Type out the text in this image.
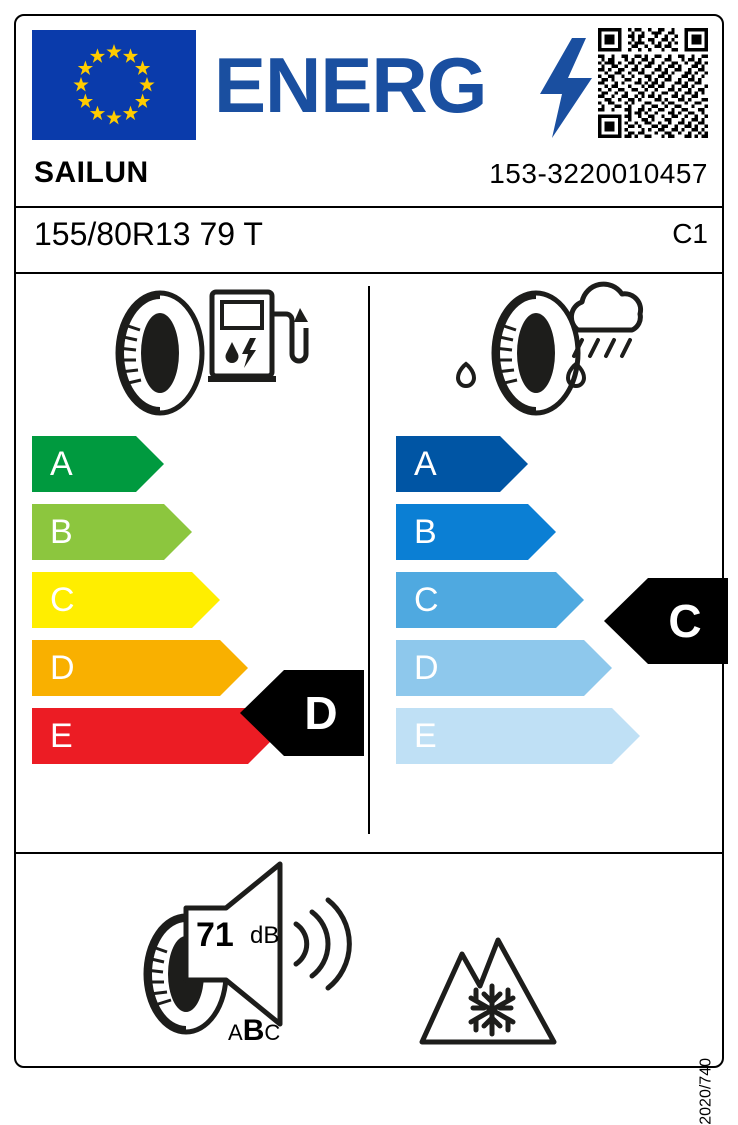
ENERG
SAILUN	153-3220010457
155/80R13 79 T	C1
A
B
C
D
E
A
B
C
D
E
D
C
71 dB
ABC
2020/740
